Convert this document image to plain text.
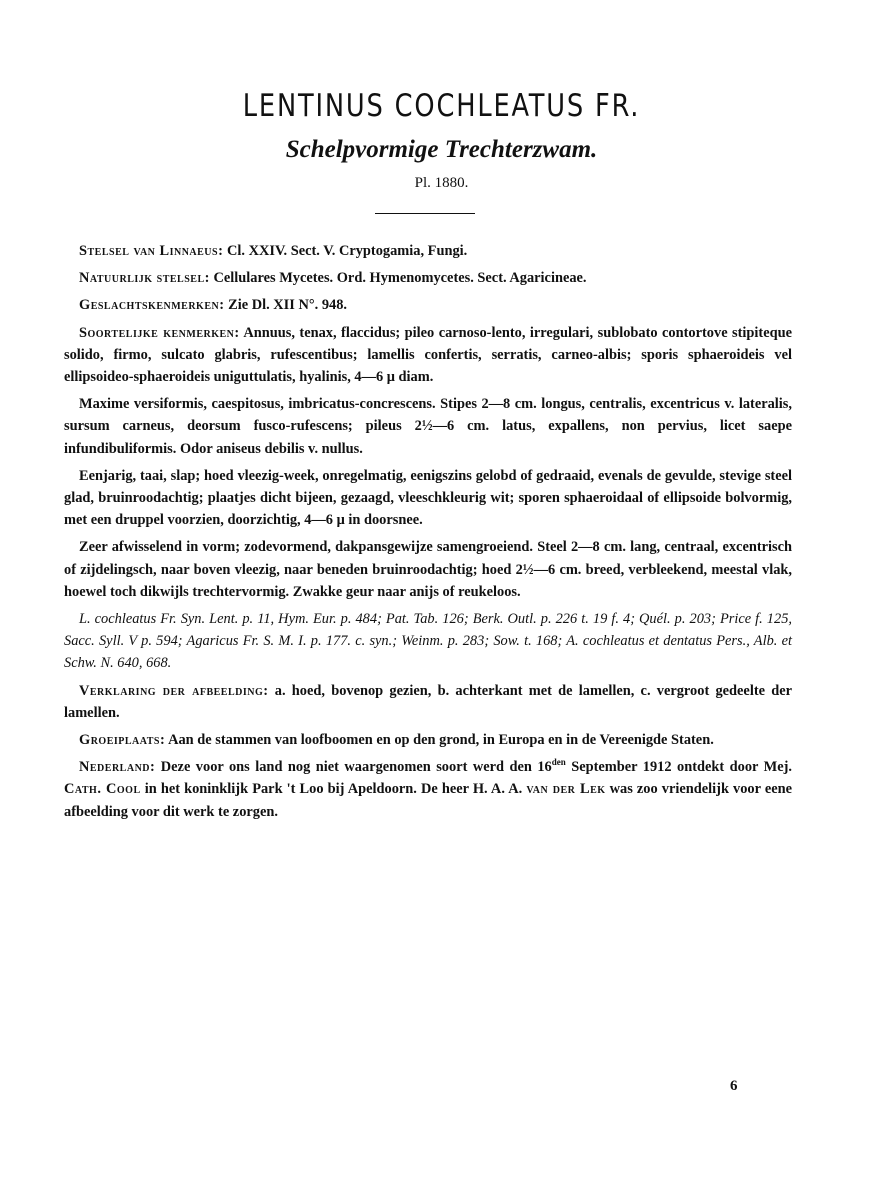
LENTINUS COCHLEATUS FR.
Schelpvormige Trechterzwam.
Pl. 1880.

Stelsel van Linnaeus: Cl. XXIV. Sect. V. Cryptogamia, Fungi.

Natuurlijk stelsel: Cellulares Mycetes. Ord. Hymenomycetes. Sect. Agaricineae.

Geslachtskenmerken: Zie Dl. XII N°. 948.

Soortelijke kenmerken: Annuus, tenax, flaccidus; pileo carnoso-lento, irregulari, sublobato contortove stipiteque solido, firmo, sulcato glabris, rufescentibus; lamellis confertis, serratis, carneo-albis; sporis sphaeroideis vel ellipsoideo-sphaeroideis uniguttulatis, hyalinis, 4—6 μ diam.

Maxime versiformis, caespitosus, imbricatus-concrescens. Stipes 2—8 cm. longus, centralis, excentricus v. lateralis, sursum carneus, deorsum fusco-rufescens; pileus 2½—6 cm. latus, expallens, non pervius, licet saepe infundibuliformis. Odor aniseus debilis v. nullus.

Eenjarig, taai, slap; hoed vleezig-week, onregelmatig, eenigszins gelobd of gedraaid, evenals de gevulde, stevige steel glad, bruinroodachtig; plaatjes dicht bijeen, gezaagd, vleeschkleurig wit; sporen sphaeroidaal of ellipsoide bolvormig, met een druppel voorzien, doorzichtig, 4—6 μ in doorsnee.

Zeer afwisselend in vorm; zodevormend, dakpansgewijze samengroeiend. Steel 2—8 cm. lang, centraal, excentrisch of zijdelingsch, naar boven vleezig, naar beneden bruinroodachtig; hoed 2½—6 cm. breed, verbleekend, meestal vlak, hoewel toch dikwijls trechtervormig. Zwakke geur naar anijs of reukeloos.

L. cochleatus Fr. Syn. Lent. p. 11, Hym. Eur. p. 484; Pat. Tab. 126; Berk. Outl. p. 226 t. 19 f. 4; Quél. p. 203; Price f. 125, Sacc. Syll. V p. 594; Agaricus Fr. S. M. I. p. 177. c. syn.; Weinm. p. 283; Sow. t. 168; A. cochleatus et dentatus Pers., Alb. et Schw. N. 640, 668.

Verklaring der afbeelding: a. hoed, bovenop gezien, b. achterkant met de lamellen, c. vergroot gedeelte der lamellen.

Groeiplaats: Aan de stammen van loofboomen en op den grond, in Europa en in de Vereenigde Staten.

Nederland: Deze voor ons land nog niet waargenomen soort werd den $16^{den}$ September 1912 ontdekt door Mej. Cath. Cool in het koninklijk Park 't Loo bij Apeldoorn. De heer H. A. A. van der Lek was zoo vriendelijk voor eene afbeelding voor dit werk te zorgen.

6
